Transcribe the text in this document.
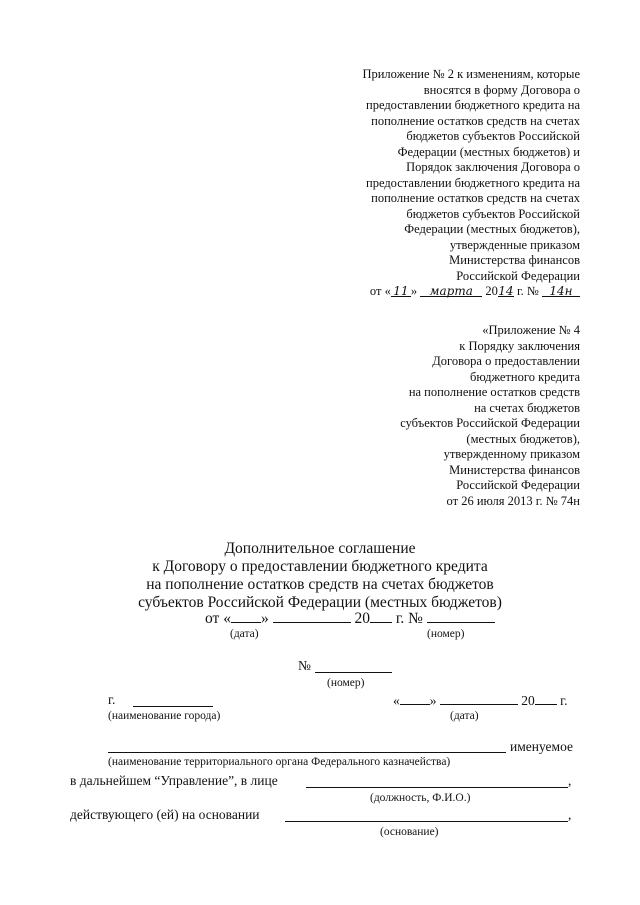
Приложение № 2 к изменениям, которые
вносятся в форму Договора о
предоставлении бюджетного кредита на
пополнение остатков средств на счетах
бюджетов субъектов Российской
Федерации (местных бюджетов) и
Порядок заключения Договора о
предоставлении бюджетного кредита на
пополнение остатков средств на счетах
бюджетов субъектов Российской
Федерации (местных бюджетов),
утвержденные приказом
Министерства финансов
Российской Федерации
от « 11 » марта 2014 г. № 14н
«Приложение № 4
к Порядку заключения
Договора о предоставлении
бюджетного кредита
на пополнение остатков средств
на счетах бюджетов
субъектов Российской Федерации
(местных бюджетов),
утвержденному приказом
Министерства финансов
Российской Федерации
от 26 июля 2013 г. № 74н
Дополнительное соглашение
к Договору о предоставлении бюджетного кредита
на пополнение остатков средств на счетах бюджетов
субъектов Российской Федерации (местных бюджетов)
от « »	20 г. №
(дата)	(номер)
№
(номер)
г.
(наименование города)
« »	20 г.
(дата)
именуемое
(наименование территориального органа Федерального казначейства)
в дальнейшем “Управление”, в лице	,
(должность, Ф.И.О.)
действующего (ей) на основании	,
(основание)
